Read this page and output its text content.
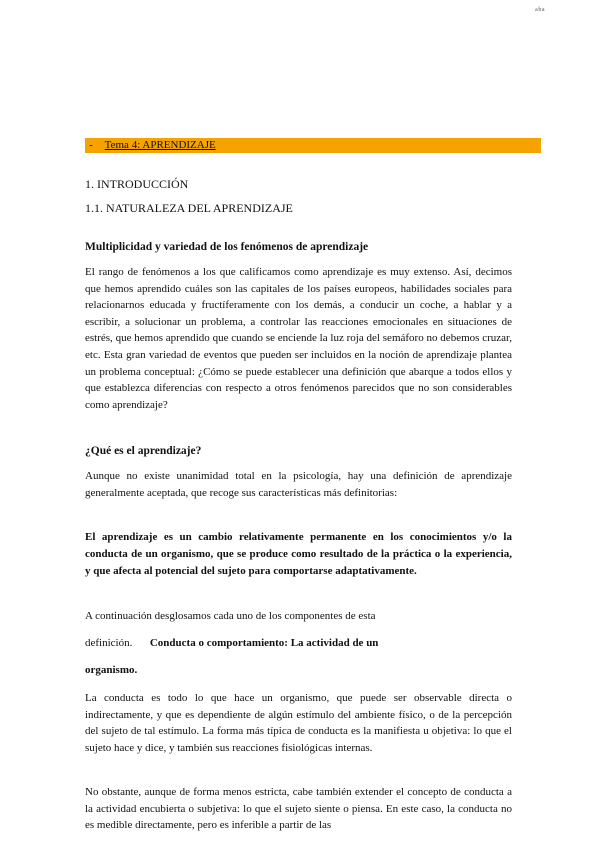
aba
- Tema 4: APRENDIZAJE
1. INTRODUCCIÓN
1.1. NATURALEZA DEL APRENDIZAJE
Multiplicidad y variedad de los fenómenos de aprendizaje

El rango de fenómenos a los que calificamos como aprendizaje es muy extenso. Así, decimos que hemos aprendido cuáles son las capitales de los países europeos, habilidades sociales para relacionarnos educada y fructíferamente con los demás, a conducir un coche, a hablar y a escribir, a solucionar un problema, a controlar las reacciones emocionales en situaciones de estrés, que hemos aprendido que cuando se enciende la luz roja del semáforo no debemos cruzar, etc. Esta gran variedad de eventos que pueden ser incluidos en la noción de aprendizaje plantea un problema conceptual: ¿Cómo se puede establecer una definición que abarque a todos ellos y que establezca diferencias con respecto a otros fenómenos parecidos que no son considerables como aprendizaje?

¿Qué es el aprendizaje?

Aunque no existe unanimidad total en la psicología, hay una definición de aprendizaje generalmente aceptada, que recoge sus características más definitorias:

El aprendizaje es un cambio relativamente permanente en los conocimientos y/o la conducta de un organismo, que se produce como resultado de la práctica o la experiencia, y que afecta al potencial del sujeto para comportarse adaptativamente.

A continuación desglosamos cada uno de los componentes de esta
definición. Conducta o comportamiento: La actividad de un
organismo.

La conducta es todo lo que hace un organismo, que puede ser observable directa o indirectamente, y que es dependiente de algún estímulo del ambiente físico, o de la percepción del sujeto de tal estímulo. La forma más típica de conducta es la manifiesta u objetiva: lo que el sujeto hace y dice, y también sus reacciones fisiológicas internas.

No obstante, aunque de forma menos estricta, cabe también extender el concepto de conducta a la actividad encubierta o subjetiva: lo que el sujeto siente o piensa. En este caso, la conducta no es medible directamente, pero es inferible a partir de las
